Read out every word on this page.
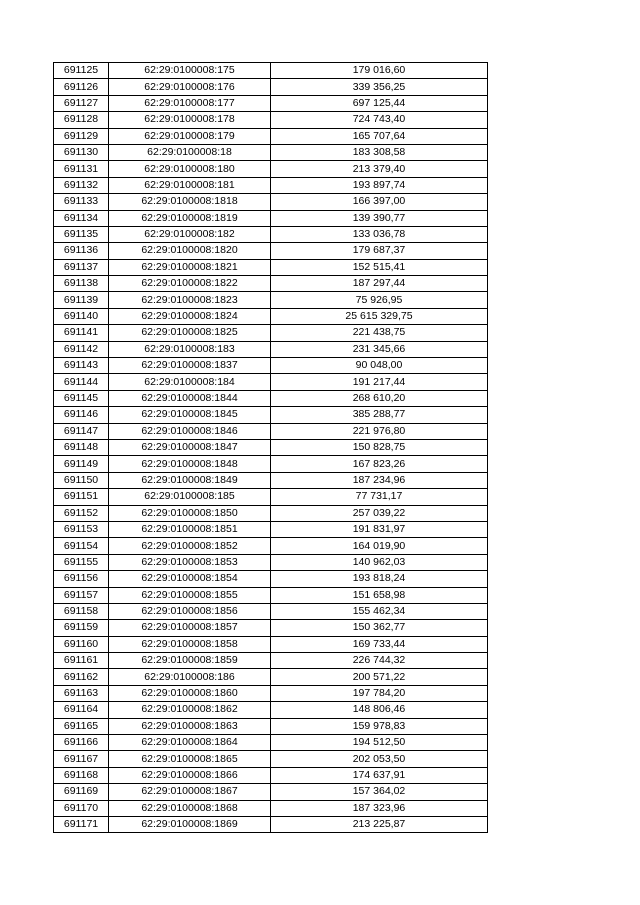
691125	62:29:0100008:175	179 016,60
691126	62:29:0100008:176	339 356,25
691127	62:29:0100008:177	697 125,44
691128	62:29:0100008:178	724 743,40
691129	62:29:0100008:179	165 707,64
691130	62:29:0100008:18	183 308,58
691131	62:29:0100008:180	213 379,40
691132	62:29:0100008:181	193 897,74
691133	62:29:0100008:1818	166 397,00
691134	62:29:0100008:1819	139 390,77
691135	62:29:0100008:182	133 036,78
691136	62:29:0100008:1820	179 687,37
691137	62:29:0100008:1821	152 515,41
691138	62:29:0100008:1822	187 297,44
691139	62:29:0100008:1823	75 926,95
691140	62:29:0100008:1824	25 615 329,75
691141	62:29:0100008:1825	221 438,75
691142	62:29:0100008:183	231 345,66
691143	62:29:0100008:1837	90 048,00
691144	62:29:0100008:184	191 217,44
691145	62:29:0100008:1844	268 610,20
691146	62:29:0100008:1845	385 288,77
691147	62:29:0100008:1846	221 976,80
691148	62:29:0100008:1847	150 828,75
691149	62:29:0100008:1848	167 823,26
691150	62:29:0100008:1849	187 234,96
691151	62:29:0100008:185	77 731,17
691152	62:29:0100008:1850	257 039,22
691153	62:29:0100008:1851	191 831,97
691154	62:29:0100008:1852	164 019,90
691155	62:29:0100008:1853	140 962,03
691156	62:29:0100008:1854	193 818,24
691157	62:29:0100008:1855	151 658,98
691158	62:29:0100008:1856	155 462,34
691159	62:29:0100008:1857	150 362,77
691160	62:29:0100008:1858	169 733,44
691161	62:29:0100008:1859	226 744,32
691162	62:29:0100008:186	200 571,22
691163	62:29:0100008:1860	197 784,20
691164	62:29:0100008:1862	148 806,46
691165	62:29:0100008:1863	159 978,83
691166	62:29:0100008:1864	194 512,50
691167	62:29:0100008:1865	202 053,50
691168	62:29:0100008:1866	174 637,91
691169	62:29:0100008:1867	157 364,02
691170	62:29:0100008:1868	187 323,96
691171	62:29:0100008:1869	213 225,87
